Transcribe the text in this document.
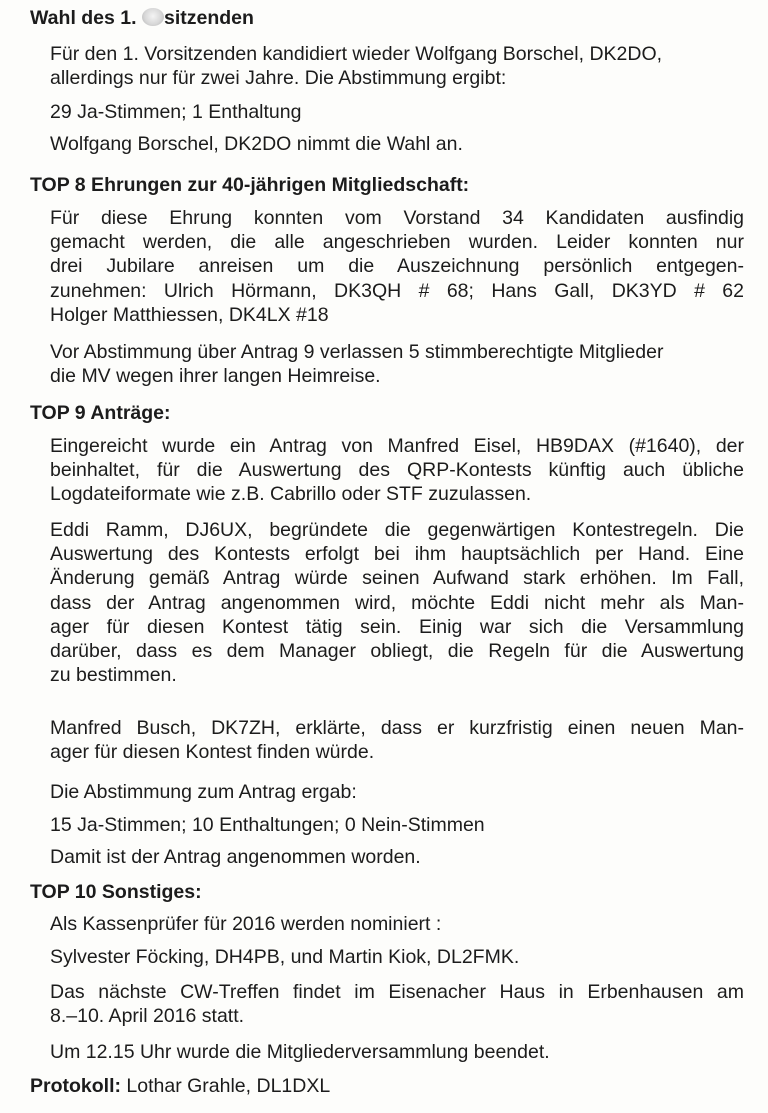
Wahl des 1. sitzenden
Für den 1. Vorsitzenden kandidiert wieder Wolfgang Borschel, DK2DO,
allerdings nur für zwei Jahre. Die Abstimmung ergibt:
29 Ja-Stimmen; 1 Enthaltung
Wolfgang Borschel, DK2DO nimmt die Wahl an.
TOP 8 Ehrungen zur 40-jährigen Mitgliedschaft:
Für diese Ehrung konnten vom Vorstand 34 Kandidaten ausfindig
gemacht werden, die alle angeschrieben wurden. Leider konnten nur
drei Jubilare anreisen um die Auszeichnung persönlich entgegen-
zunehmen: Ulrich Hörmann, DK3QH # 68; Hans Gall, DK3YD # 62
Holger Matthiessen, DK4LX #18
Vor Abstimmung über Antrag 9 verlassen 5 stimmberechtigte Mitglieder
die MV wegen ihrer langen Heimreise.
TOP 9 Anträge:
Eingereicht wurde ein Antrag von Manfred Eisel, HB9DAX (#1640), der
beinhaltet, für die Auswertung des QRP-Kontests künftig auch übliche
Logdateiformate wie z.B. Cabrillo oder STF zuzulassen.
Eddi Ramm, DJ6UX, begründete die gegenwärtigen Kontestregeln. Die
Auswertung des Kontests erfolgt bei ihm hauptsächlich per Hand. Eine
Änderung gemäß Antrag würde seinen Aufwand stark erhöhen. Im Fall,
dass der Antrag angenommen wird, möchte Eddi nicht mehr als Man-
ager für diesen Kontest tätig sein. Einig war sich die Versammlung
darüber, dass es dem Manager obliegt, die Regeln für die Auswertung
zu bestimmen.
Manfred Busch, DK7ZH, erklärte, dass er kurzfristig einen neuen Man-
ager für diesen Kontest finden würde.
Die Abstimmung zum Antrag ergab:
15 Ja-Stimmen; 10 Enthaltungen; 0 Nein-Stimmen
Damit ist der Antrag angenommen worden.
TOP 10 Sonstiges:
Als Kassenprüfer für 2016 werden nominiert :
Sylvester Föcking, DH4PB, und Martin Kiok, DL2FMK.
Das nächste CW-Treffen findet im Eisenacher Haus in Erbenhausen am
8.–10. April 2016 statt.
Um 12.15 Uhr wurde die Mitgliederversammlung beendet.
Protokoll: Lothar Grahle, DL1DXL
